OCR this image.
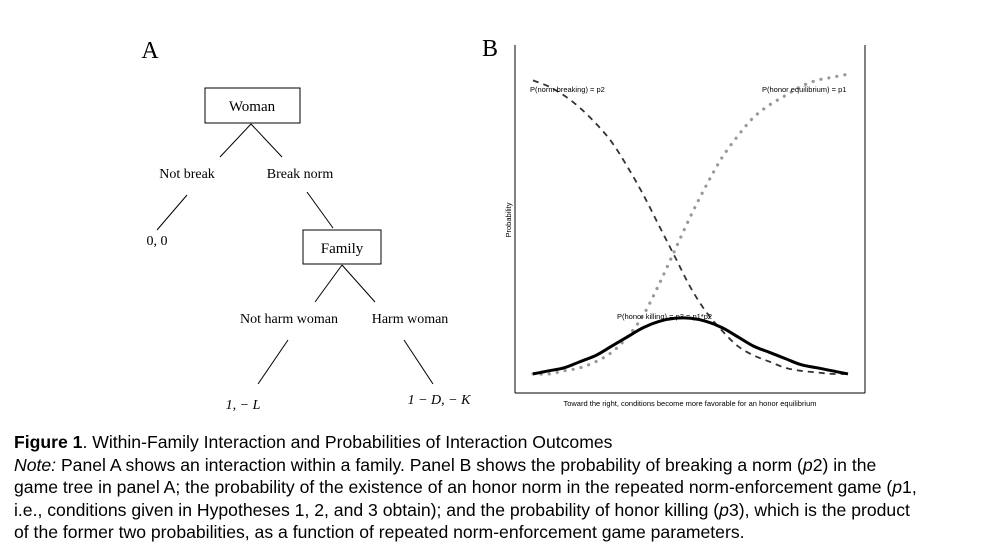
A
Woman
Not break	Break norm
0, 0	Family
Not harm woman Harm woman
1, − L	1 − D, − K
B
Toward the right, conditions become more favorable for an honor equilibrium
Probability
P(norm breaking) = p2	P(honor equilibrium) = p1
P(honor killing) = p3 = p1*p2
Figure 1. Within-Family Interaction and Probabilities of Interaction Outcomes
Note: Panel A shows an interaction within a family. Panel B shows the probability of breaking a norm (p2) in the
game tree in panel A; the probability of the existence of an honor norm in the repeated norm-enforcement game (p1,
i.e., conditions given in Hypotheses 1, 2, and 3 obtain); and the probability of honor killing (p3), which is the product
of the former two probabilities, as a function of repeated norm-enforcement game parameters.
